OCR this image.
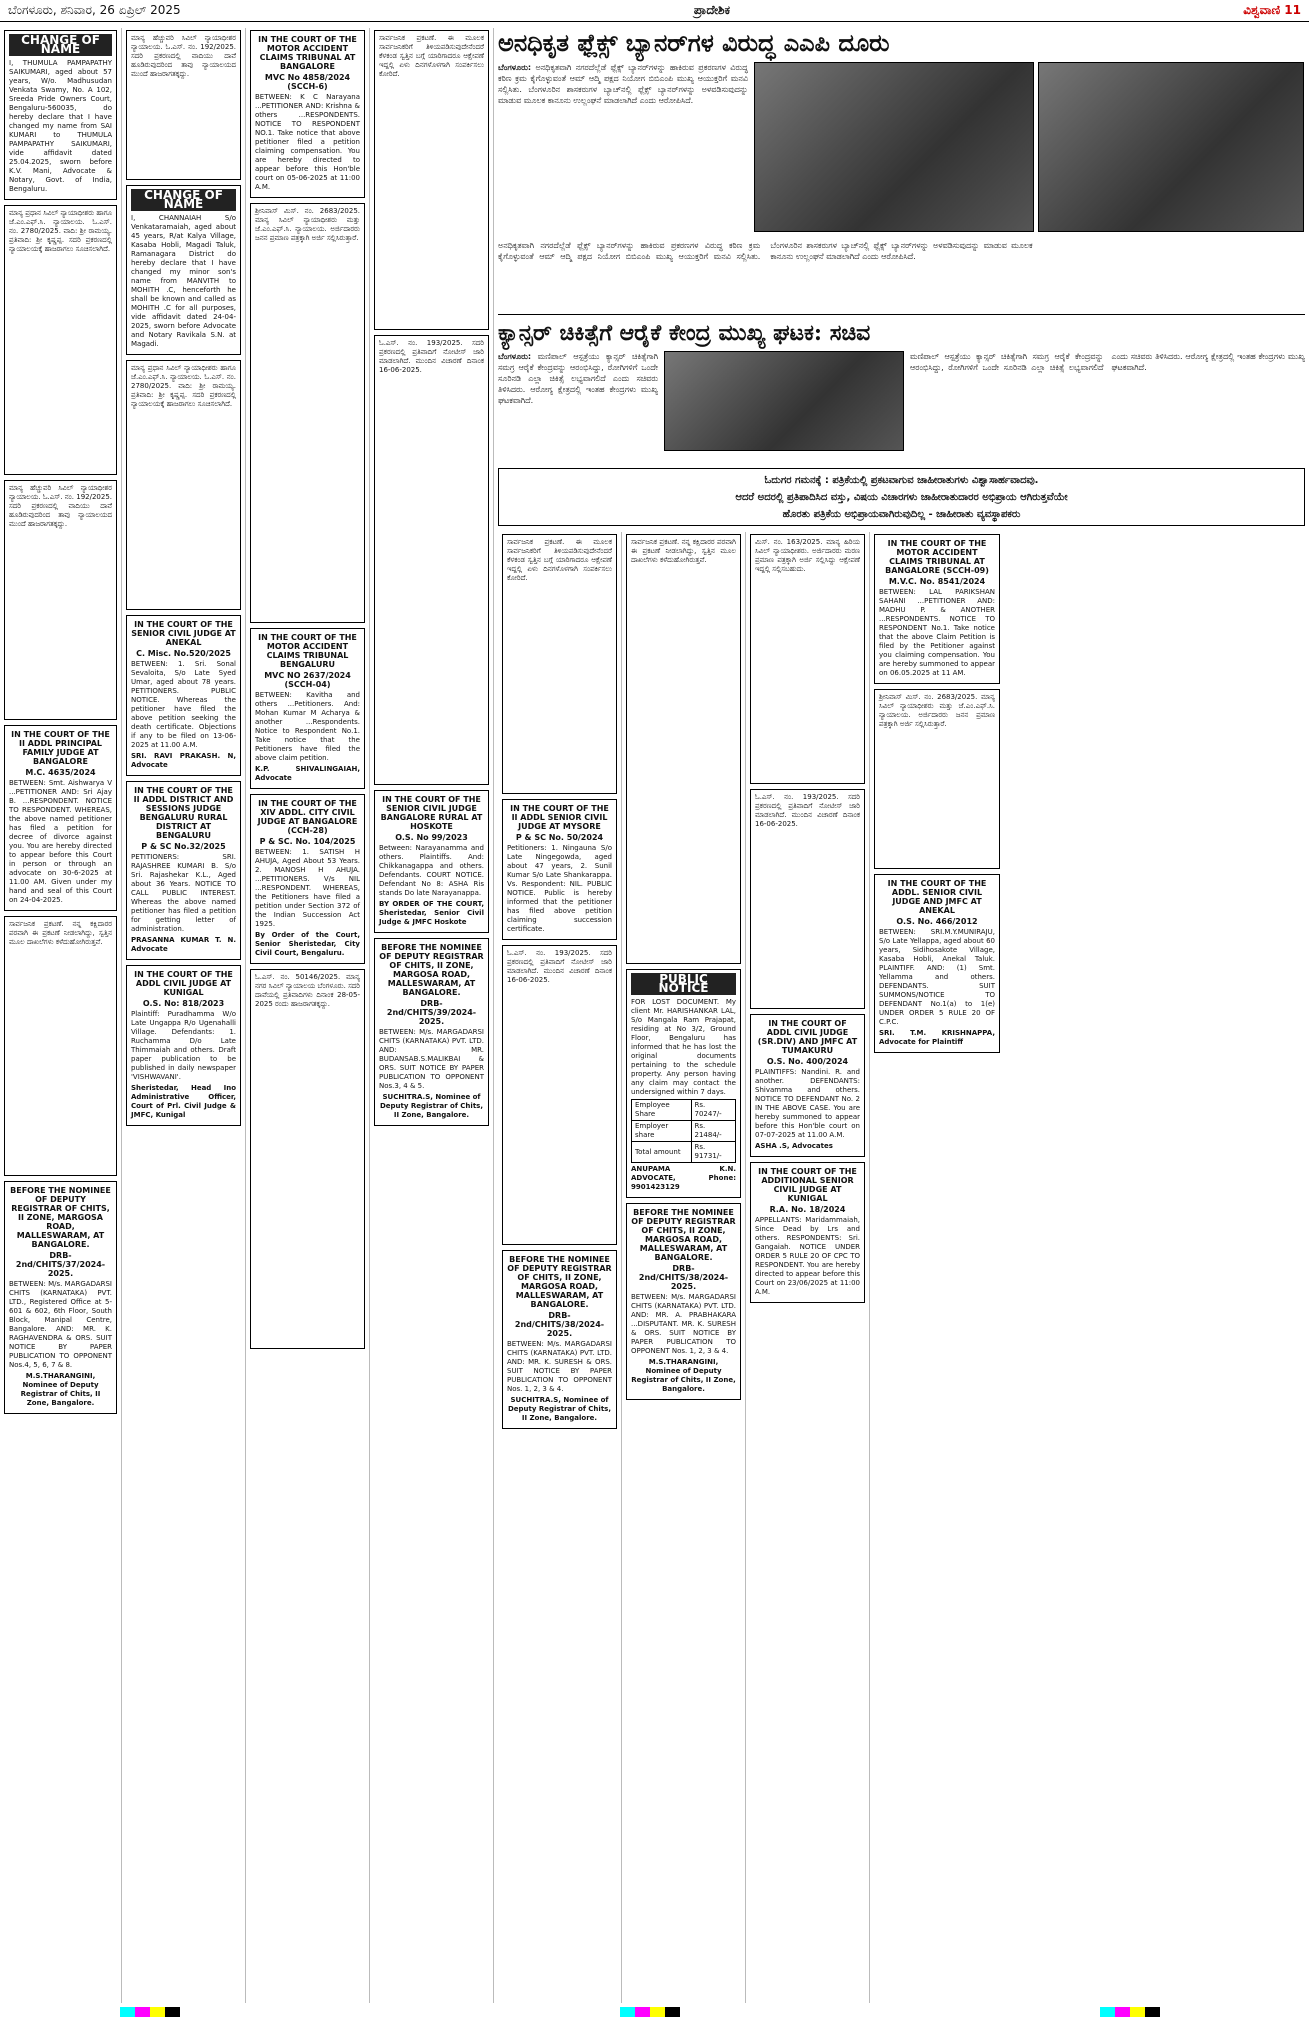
ಬೆಂಗಳೂರು, ಶನಿವಾರ, 26 ಏಪ್ರಿಲ್ 2025	ಪ್ರಾದೇಶಿಕ	ವಿಶ್ವವಾಣಿ 11
CHANGE OF NAME

I, THUMULA PAMPAPATHY SAIKUMARI, aged about 57 years, W/o. Madhusudan Venkata Swamy, No. A 102, Sreeda Pride Owners Court, Bengaluru-560035, do hereby declare that I have changed my name from SAI KUMARI to THUMULA PAMPAPATHY SAIKUMARI, vide affidavit dated 25.04.2025, sworn before K.V. Mani, Advocate & Notary, Govt. of India, Bengaluru.

ಮಾನ್ಯ ಪ್ರಧಾನ ಸಿವಿಲ್ ನ್ಯಾಯಾಧೀಶರು ಹಾಗೂ ಜೆ.ಎಂ.ಎಫ್.ಸಿ. ನ್ಯಾಯಾಲಯ. ಓ.ಎಸ್. ನಂ. 2780/2025. ವಾದಿ: ಶ್ರೀ ರಾಮಯ್ಯ. ಪ್ರತಿವಾದಿ: ಶ್ರೀ ಕೃಷ್ಣಪ್ಪ. ಸದರಿ ಪ್ರಕರಣದಲ್ಲಿ ನ್ಯಾಯಾಲಯಕ್ಕೆ ಹಾಜರಾಗಲು ಸೂಚಿಸಲಾಗಿದೆ.

ಮಾನ್ಯ ಹೆಚ್ಚುವರಿ ಸಿವಿಲ್ ನ್ಯಾಯಾಧೀಶರ ನ್ಯಾಯಾಲಯ. ಓ.ಎಸ್. ನಂ. 192/2025. ಸದರಿ ಪ್ರಕರಣದಲ್ಲಿ ವಾದಿಯು ದಾವೆ ಹೂಡಿರುವುದರಿಂದ ತಾವು ನ್ಯಾಯಾಲಯದ ಮುಂದೆ ಹಾಜರಾಗತಕ್ಕದ್ದು.

IN THE COURT OF THE II ADDL PRINCIPAL FAMILY JUDGE AT BANGALORE
M.C. 4635/2024

BETWEEN: Smt. Aishwarya V ...PETITIONER AND: Sri Ajay B. ...RESPONDENT. NOTICE TO RESPONDENT. WHEREAS, the above named petitioner has filed a petition for decree of divorce against you. You are hereby directed to appear before this Court in person or through an advocate on 30-6-2025 at 11.00 AM. Given under my hand and seal of this Court on 24-04-2025.

ಸಾರ್ವಜನಿಕ ಪ್ರಕಟಣೆ. ನನ್ನ ಕಕ್ಷಿದಾರರ ಪರವಾಗಿ ಈ ಪ್ರಕಟಣೆ ನೀಡಲಾಗಿದ್ದು, ಸ್ವತ್ತಿನ ಮೂಲ ದಾಖಲೆಗಳು ಕಳೆದುಹೋಗಿರುತ್ತವೆ.

BEFORE THE NOMINEE OF DEPUTY REGISTRAR OF CHITS, II ZONE, MARGOSA ROAD, MALLESWARAM, AT BANGALORE.
DRB-2nd/CHITS/37/2024-2025.

BETWEEN: M/s. MARGADARSI CHITS (KARNATAKA) PVT. LTD., Registered Office at 5-601 & 602, 6th Floor, South Block, Manipal Centre, Bangalore. AND: MR. K. RAGHAVENDRA & ORS. SUIT NOTICE BY PAPER PUBLICATION TO OPPONENT Nos.4, 5, 6, 7 & 8.

M.S.THARANGINI, Nominee of Deputy Registrar of Chits, II Zone, Bangalore.

ಮಾನ್ಯ ಹೆಚ್ಚುವರಿ ಸಿವಿಲ್ ನ್ಯಾಯಾಧೀಶರ ನ್ಯಾಯಾಲಯ. ಓ.ಎಸ್. ನಂ. 192/2025. ಸದರಿ ಪ್ರಕರಣದಲ್ಲಿ ವಾದಿಯು ದಾವೆ ಹೂಡಿರುವುದರಿಂದ ತಾವು ನ್ಯಾಯಾಲಯದ ಮುಂದೆ ಹಾಜರಾಗತಕ್ಕದ್ದು.

CHANGE OF NAME

I, CHANNAIAH S/o Venkataramaiah, aged about 45 years, R/at Kalya Village, Kasaba Hobli, Magadi Taluk, Ramanagara District do hereby declare that I have changed my minor son's name from MANVITH to MOHITH .C, henceforth he shall be known and called as MOHITH .C for all purposes, vide affidavit dated 24-04-2025, sworn before Advocate and Notary Ravikala S.N. at Magadi.

ಮಾನ್ಯ ಪ್ರಧಾನ ಸಿವಿಲ್ ನ್ಯಾಯಾಧೀಶರು ಹಾಗೂ ಜೆ.ಎಂ.ಎಫ್.ಸಿ. ನ್ಯಾಯಾಲಯ. ಓ.ಎಸ್. ನಂ. 2780/2025. ವಾದಿ: ಶ್ರೀ ರಾಮಯ್ಯ. ಪ್ರತಿವಾದಿ: ಶ್ರೀ ಕೃಷ್ಣಪ್ಪ. ಸದರಿ ಪ್ರಕರಣದಲ್ಲಿ ನ್ಯಾಯಾಲಯಕ್ಕೆ ಹಾಜರಾಗಲು ಸೂಚಿಸಲಾಗಿದೆ.

IN THE COURT OF THE SENIOR CIVIL JUDGE AT ANEKAL
C. Misc. No.520/2025

BETWEEN: 1. Sri. Sonal Sevaloita, S/o Late Syed Umar, aged about 78 years. PETITIONERS. PUBLIC NOTICE. Whereas the petitioner have filed the above petition seeking the death certificate. Objections if any to be filed on 13-06-2025 at 11.00 A.M.

SRI. RAVI PRAKASH. N, Advocate

IN THE COURT OF THE II ADDL DISTRICT AND SESSIONS JUDGE BENGALURU RURAL DISTRICT AT BENGALURU
P & SC No.32/2025

PETITIONERS: SRI. RAJASHREE KUMARI B. S/o Sri. Rajashekar K.L., Aged about 36 Years. NOTICE TO CALL PUBLIC INTEREST. Whereas the above named petitioner has filed a petition for getting letter of administration.

PRASANNA KUMAR T. N. Advocate

IN THE COURT OF THE ADDL CIVIL JUDGE AT KUNIGAL
O.S. No: 818/2023

Plaintiff: Puradhamma W/o Late Ungappa R/o Ugenahalli Village. Defendants: 1. Ruchamma D/o Late Thimmaiah and others. Draft paper publication to be published in daily newspaper 'VISHWAVANI'.

Sheristedar, Head Ino Administrative Officer, Court of Prl. Civil Judge & JMFC, Kunigal

IN THE COURT OF THE MOTOR ACCIDENT CLAIMS TRIBUNAL AT BANGALORE
MVC No 4858/2024 (SCCH-6)

BETWEEN: K C Narayana ...PETITIONER AND: Krishna & others ...RESPONDENTS. NOTICE TO RESPONDENT NO.1. Take notice that above petitioner filed a petition claiming compensation. You are hereby directed to appear before this Hon'ble court on 05-06-2025 at 11:00 A.M.

ಶ್ರೀನಿವಾಸ್ ಮಿಸ್. ನಂ. 2683/2025. ಮಾನ್ಯ ಸಿವಿಲ್ ನ್ಯಾಯಾಧೀಶರು ಮತ್ತು ಜೆ.ಎಂ.ಎಫ್.ಸಿ. ನ್ಯಾಯಾಲಯ. ಅರ್ಜಿದಾರರು ಜನನ ಪ್ರಮಾಣ ಪತ್ರಕ್ಕಾಗಿ ಅರ್ಜಿ ಸಲ್ಲಿಸಿರುತ್ತಾರೆ.

IN THE COURT OF THE MOTOR ACCIDENT CLAIMS TRIBUNAL BENGALURU
MVC NO 2637/2024 (SCCH-04)

BETWEEN: Kavitha and others ...Petitioners. And: Mohan Kumar M Acharya & another ...Respondents. Notice to Respondent No.1. Take notice that the Petitioners have filed the above claim petition.

K.P. SHIVALINGAIAH, Advocate

IN THE COURT OF THE XIV ADDL. CITY CIVIL JUDGE AT BANGALORE (CCH-28)
P & SC. No. 104/2025

BETWEEN: 1. SATISH H AHUJA, Aged About 53 Years. 2. MANOSH H AHUJA. ...PETITIONERS. V/s NIL ...RESPONDENT. WHEREAS, the Petitioners have filed a petition under Section 372 of the Indian Succession Act 1925.

By Order of the Court, Senior Sheristedar, City Civil Court, Bengaluru.

ಓ.ಎಸ್. ನಂ. 50146/2025. ಮಾನ್ಯ ನಗರ ಸಿವಿಲ್ ನ್ಯಾಯಾಲಯ ಬೆಂಗಳೂರು. ಸದರಿ ದಾವೆಯಲ್ಲಿ ಪ್ರತಿವಾದಿಗಳು ದಿನಾಂಕ 28-05-2025 ರಂದು ಹಾಜರಾಗತಕ್ಕದ್ದು.

ಸಾರ್ವಜನಿಕ ಪ್ರಕಟಣೆ. ಈ ಮೂಲಕ ಸಾರ್ವಜನಿಕರಿಗೆ ತಿಳಿಯಪಡಿಸುವುದೇನೆಂದರೆ ಕೆಳಕಂಡ ಸ್ವತ್ತಿನ ಬಗ್ಗೆ ಯಾರಿಗಾದರೂ ಆಕ್ಷೇಪಣೆ ಇದ್ದಲ್ಲಿ ಏಳು ದಿನಗಳೊಳಗಾಗಿ ಸಂಪರ್ಕಿಸಲು ಕೋರಿದೆ.

ಓ.ಎಸ್. ನಂ. 193/2025. ಸದರಿ ಪ್ರಕರಣದಲ್ಲಿ ಪ್ರತಿವಾದಿಗೆ ನೋಟೀಸ್ ಜಾರಿ ಮಾಡಲಾಗಿದೆ. ಮುಂದಿನ ವಿಚಾರಣೆ ದಿನಾಂಕ 16-06-2025.

IN THE COURT OF THE SENIOR CIVIL JUDGE BANGALORE RURAL AT HOSKOTE
O.S. No 99/2023

Between: Narayanamma and others. Plaintiffs. And: Chikkanagappa and others. Defendants. COURT NOTICE. Defendant No 8: ASHA Ris stands Do late Narayanappa.

BY ORDER OF THE COURT, Sheristedar, Senior Civil Judge & JMFC Hoskote

BEFORE THE NOMINEE OF DEPUTY REGISTRAR OF CHITS, II ZONE, MARGOSA ROAD, MALLESWARAM, AT BANGALORE.
DRB-2nd/CHITS/39/2024-2025.

BETWEEN: M/s. MARGADARSI CHITS (KARNATAKA) PVT. LTD. AND: MR. BUDANSAB.S.MALIKBAI & ORS. SUIT NOTICE BY PAPER PUBLICATION TO OPPONENT Nos.3, 4 & 5.

SUCHITRA.S, Nominee of Deputy Registrar of Chits, II Zone, Bangalore.

ಅನಧಿಕೃತ ಫ್ಲೆಕ್ಸ್ ಬ್ಯಾನರ್‌ಗಳ ವಿರುದ್ಧ ಎಎಪಿ ದೂರು
ಬೆಂಗಳೂರು: ಅನಧಿಕೃತವಾಗಿ ನಗರದೆಲ್ಲೆಡೆ ಫ್ಲೆಕ್ಸ್ ಬ್ಯಾನರ್‌ಗಳನ್ನು ಹಾಕಿರುವ ಪ್ರಕರಣಗಳ ವಿರುದ್ಧ ಕಠಿಣ ಕ್ರಮ ಕೈಗೊಳ್ಳುವಂತೆ ಆಮ್ ಆದ್ಮಿ ಪಕ್ಷದ ನಿಯೋಗ ಬಿಬಿಎಂಪಿ ಮುಖ್ಯ ಆಯುಕ್ತರಿಗೆ ಮನವಿ ಸಲ್ಲಿಸಿತು. ಬೆಂಗಳೂರಿನ ಶಾಸಕರುಗಳ ಬ್ಯಾಚ್‌ನಲ್ಲಿ ಫ್ಲೆಕ್ಸ್ ಬ್ಯಾನರ್‌ಗಳನ್ನು ಅಳವಡಿಸುವುದನ್ನು ಮಾಡುವ ಮೂಲಕ ಕಾನೂನು ಉಲ್ಲಂಘನೆ ಮಾಡಲಾಗಿದೆ ಎಂದು ಆರೋಪಿಸಿದೆ.
ಅನಧಿಕೃತವಾಗಿ ನಗರದೆಲ್ಲೆಡೆ ಫ್ಲೆಕ್ಸ್ ಬ್ಯಾನರ್‌ಗಳನ್ನು ಹಾಕಿರುವ ಪ್ರಕರಣಗಳ ವಿರುದ್ಧ ಕಠಿಣ ಕ್ರಮ ಕೈಗೊಳ್ಳುವಂತೆ ಆಮ್ ಆದ್ಮಿ ಪಕ್ಷದ ನಿಯೋಗ ಬಿಬಿಎಂಪಿ ಮುಖ್ಯ ಆಯುಕ್ತರಿಗೆ ಮನವಿ ಸಲ್ಲಿಸಿತು. ಬೆಂಗಳೂರಿನ ಶಾಸಕರುಗಳ ಬ್ಯಾಚ್‌ನಲ್ಲಿ ಫ್ಲೆಕ್ಸ್ ಬ್ಯಾನರ್‌ಗಳನ್ನು ಅಳವಡಿಸುವುದನ್ನು ಮಾಡುವ ಮೂಲಕ ಕಾನೂನು ಉಲ್ಲಂಘನೆ ಮಾಡಲಾಗಿದೆ ಎಂದು ಆರೋಪಿಸಿದೆ.
ಕ್ಯಾನ್ಸರ್ ಚಿಕಿತ್ಸೆಗೆ ಆರೈಕೆ ಕೇಂದ್ರ ಮುಖ್ಯ ಘಟಕ: ಸಚಿವ
ಬೆಂಗಳೂರು: ಮಣಿಪಾಲ್ ಆಸ್ಪತ್ರೆಯು ಕ್ಯಾನ್ಸರ್ ಚಿಕಿತ್ಸೆಗಾಗಿ ಸಮಗ್ರ ಆರೈಕೆ ಕೇಂದ್ರವನ್ನು ಆರಂಭಿಸಿದ್ದು, ರೋಗಿಗಳಿಗೆ ಒಂದೇ ಸೂರಿನಡಿ ಎಲ್ಲಾ ಚಿಕಿತ್ಸೆ ಲಭ್ಯವಾಗಲಿದೆ ಎಂದು ಸಚಿವರು ತಿಳಿಸಿದರು. ಆರೋಗ್ಯ ಕ್ಷೇತ್ರದಲ್ಲಿ ಇಂತಹ ಕೇಂದ್ರಗಳು ಮುಖ್ಯ ಘಟಕವಾಗಿದೆ.
ಮಣಿಪಾಲ್ ಆಸ್ಪತ್ರೆಯು ಕ್ಯಾನ್ಸರ್ ಚಿಕಿತ್ಸೆಗಾಗಿ ಸಮಗ್ರ ಆರೈಕೆ ಕೇಂದ್ರವನ್ನು ಆರಂಭಿಸಿದ್ದು, ರೋಗಿಗಳಿಗೆ ಒಂದೇ ಸೂರಿನಡಿ ಎಲ್ಲಾ ಚಿಕಿತ್ಸೆ ಲಭ್ಯವಾಗಲಿದೆ ಎಂದು ಸಚಿವರು ತಿಳಿಸಿದರು. ಆರೋಗ್ಯ ಕ್ಷೇತ್ರದಲ್ಲಿ ಇಂತಹ ಕೇಂದ್ರಗಳು ಮುಖ್ಯ ಘಟಕವಾಗಿದೆ.
ಓದುಗರ ಗಮನಕ್ಕೆ : ಪತ್ರಿಕೆಯಲ್ಲಿ ಪ್ರಕಟವಾಗುವ ಜಾಹೀರಾತುಗಳು ವಿಶ್ವಾಸಾರ್ಹವಾದವು.
ಆದರೆ ಅದರಲ್ಲಿ ಪ್ರತಿಪಾದಿಸಿದ ವಸ್ತು, ವಿಷಯ ವಿಚಾರಗಳು ಜಾಹೀರಾತುದಾರರ ಅಭಿಪ್ರಾಯ ಆಗಿರುತ್ತವೆಯೇ
ಹೊರತು ಪತ್ರಿಕೆಯ ಅಭಿಪ್ರಾಯವಾಗಿರುವುದಿಲ್ಲ - ಜಾಹೀರಾತು ವ್ಯವಸ್ಥಾಪಕರು

ಸಾರ್ವಜನಿಕ ಪ್ರಕಟಣೆ. ಈ ಮೂಲಕ ಸಾರ್ವಜನಿಕರಿಗೆ ತಿಳಿಯಪಡಿಸುವುದೇನೆಂದರೆ ಕೆಳಕಂಡ ಸ್ವತ್ತಿನ ಬಗ್ಗೆ ಯಾರಿಗಾದರೂ ಆಕ್ಷೇಪಣೆ ಇದ್ದಲ್ಲಿ ಏಳು ದಿನಗಳೊಳಗಾಗಿ ಸಂಪರ್ಕಿಸಲು ಕೋರಿದೆ.

IN THE COURT OF THE II ADDL SENIOR CIVIL JUDGE AT MYSORE
P & SC No. 50/2024

Petitioners: 1. Ningauna S/o Late Ningegowda, aged about 47 years, 2. Sunil Kumar S/o Late Shankarappa. Vs. Respondent: NIL. PUBLIC NOTICE. Public is hereby informed that the petitioner has filed above petition claiming succession certificate.

ಓ.ಎಸ್. ನಂ. 193/2025. ಸದರಿ ಪ್ರಕರಣದಲ್ಲಿ ಪ್ರತಿವಾದಿಗೆ ನೋಟೀಸ್ ಜಾರಿ ಮಾಡಲಾಗಿದೆ. ಮುಂದಿನ ವಿಚಾರಣೆ ದಿನಾಂಕ 16-06-2025.

BEFORE THE NOMINEE OF DEPUTY REGISTRAR OF CHITS, II ZONE, MARGOSA ROAD, MALLESWARAM, AT BANGALORE.
DRB-2nd/CHITS/38/2024-2025.

BETWEEN: M/s. MARGADARSI CHITS (KARNATAKA) PVT. LTD. AND: MR. K. SURESH & ORS. SUIT NOTICE BY PAPER PUBLICATION TO OPPONENT Nos. 1, 2, 3 & 4.

SUCHITRA.S, Nominee of Deputy Registrar of Chits, II Zone, Bangalore.

ಸಾರ್ವಜನಿಕ ಪ್ರಕಟಣೆ. ನನ್ನ ಕಕ್ಷಿದಾರರ ಪರವಾಗಿ ಈ ಪ್ರಕಟಣೆ ನೀಡಲಾಗಿದ್ದು, ಸ್ವತ್ತಿನ ಮೂಲ ದಾಖಲೆಗಳು ಕಳೆದುಹೋಗಿರುತ್ತವೆ.

PUBLIC NOTICE

FOR LOST DOCUMENT. My client Mr. HARISHANKAR LAL, S/o Mangala Ram Prajapat, residing at No 3/2, Ground Floor, Bengaluru has informed that he has lost the original documents pertaining to the schedule property. Any person having any claim may contact the undersigned within 7 days.

Employee Share	Rs. 70247/-
Employer share	Rs. 21484/-
Total amount	Rs. 91731/-

ANUPAMA K.N. ADVOCATE, Phone: 9901423129

BEFORE THE NOMINEE OF DEPUTY REGISTRAR OF CHITS, II ZONE, MARGOSA ROAD, MALLESWARAM, AT BANGALORE.
DRB-2nd/CHITS/38/2024-2025.

BETWEEN: M/s. MARGADARSI CHITS (KARNATAKA) PVT. LTD. AND: MR. A. PRABHAKARA ...DISPUTANT. MR. K. SURESH & ORS. SUIT NOTICE BY PAPER PUBLICATION TO OPPONENT Nos. 1, 2, 3 & 4.

M.S.THARANGINI, Nominee of Deputy Registrar of Chits, II Zone, Bangalore.

ಮಿಸ್. ನಂ. 163/2025. ಮಾನ್ಯ ಹಿರಿಯ ಸಿವಿಲ್ ನ್ಯಾಯಾಧೀಶರು. ಅರ್ಜಿದಾರರು ಮರಣ ಪ್ರಮಾಣ ಪತ್ರಕ್ಕಾಗಿ ಅರ್ಜಿ ಸಲ್ಲಿಸಿದ್ದು ಆಕ್ಷೇಪಣೆ ಇದ್ದಲ್ಲಿ ಸಲ್ಲಿಸಬಹುದು.

ಓ.ಎಸ್. ನಂ. 193/2025. ಸದರಿ ಪ್ರಕರಣದಲ್ಲಿ ಪ್ರತಿವಾದಿಗೆ ನೋಟೀಸ್ ಜಾರಿ ಮಾಡಲಾಗಿದೆ. ಮುಂದಿನ ವಿಚಾರಣೆ ದಿನಾಂಕ 16-06-2025.

IN THE COURT OF ADDL CIVIL JUDGE (SR.DIV) AND JMFC AT TUMAKURU
O.S. No. 400/2024

PLAINTIFFS: Nandini. R. and another. DEFENDANTS: Shivamma and others. NOTICE TO DEFENDANT No. 2 IN THE ABOVE CASE. You are hereby summoned to appear before this Hon'ble court on 07-07-2025 at 11.00 A.M.

ASHA .S, Advocates

IN THE COURT OF THE ADDITIONAL SENIOR CIVIL JUDGE AT KUNIGAL
R.A. No. 18/2024

APPELLANTS: Maridammaiah, Since Dead by Lrs and others. RESPONDENTS: Sri. Gangaiah. NOTICE UNDER ORDER 5 RULE 20 OF CPC TO RESPONDENT. You are hereby directed to appear before this Court on 23/06/2025 at 11:00 A.M.

IN THE COURT OF THE MOTOR ACCIDENT CLAIMS TRIBUNAL AT BANGALORE (SCCH-09)
M.V.C. No. 8541/2024

BETWEEN: LAL PARIKSHAN SAHANI ...PETITIONER AND: MADHU P. & ANOTHER ...RESPONDENTS. NOTICE TO RESPONDENT No.1. Take notice that the above Claim Petition is filed by the Petitioner against you claiming compensation. You are hereby summoned to appear on 06.05.2025 at 11 AM.

ಶ್ರೀನಿವಾಸ್ ಮಿಸ್. ನಂ. 2683/2025. ಮಾನ್ಯ ಸಿವಿಲ್ ನ್ಯಾಯಾಧೀಶರು ಮತ್ತು ಜೆ.ಎಂ.ಎಫ್.ಸಿ. ನ್ಯಾಯಾಲಯ. ಅರ್ಜಿದಾರರು ಜನನ ಪ್ರಮಾಣ ಪತ್ರಕ್ಕಾಗಿ ಅರ್ಜಿ ಸಲ್ಲಿಸಿರುತ್ತಾರೆ.

IN THE COURT OF THE ADDL. SENIOR CIVIL JUDGE AND JMFC AT ANEKAL
O.S. No. 466/2012

BETWEEN: SRI.M.Y.MUNIRAJU, S/o Late Yellappa, aged about 60 years, Sidihosakote Village, Kasaba Hobli, Anekal Taluk. PLAINTIFF. AND: (1) Smt. Yellamma and others. DEFENDANTS. SUIT SUMMONS/NOTICE TO DEFENDANT No.1(a) to 1(e) UNDER ORDER 5 RULE 20 OF C.P.C.

SRI. T.M. KRISHNAPPA, Advocate for Plaintiff
